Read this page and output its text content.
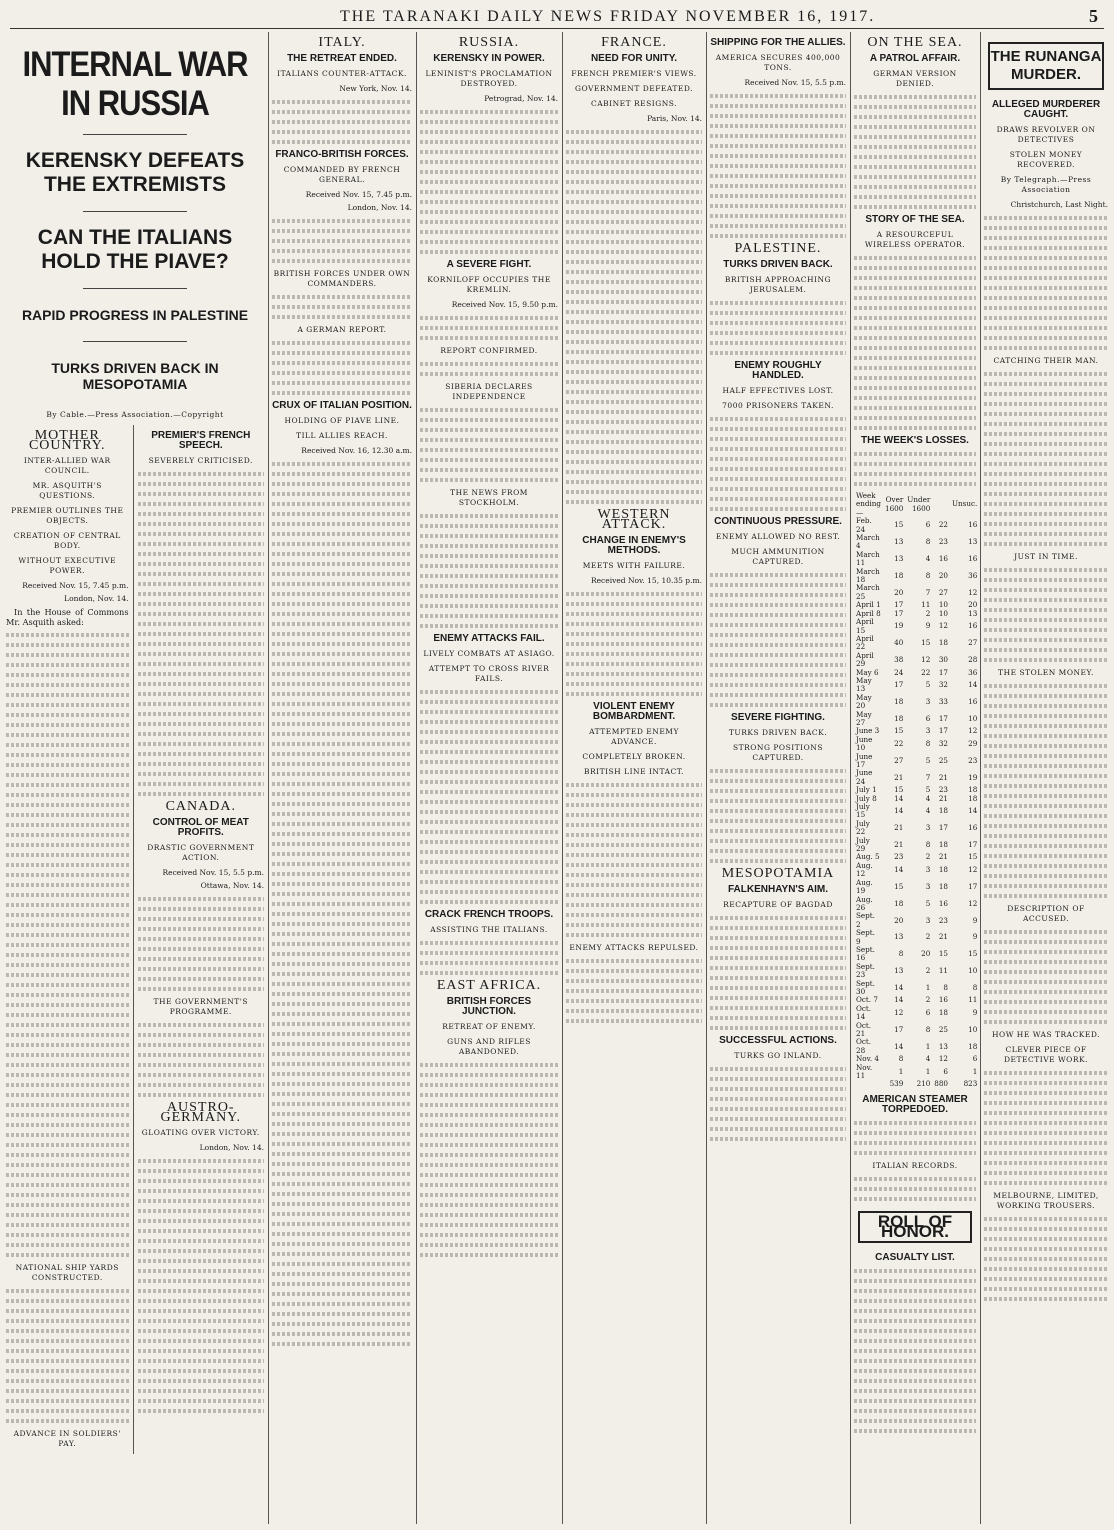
THE TARANAKI DAILY NEWS FRIDAY NOVEMBER 16, 1917.	5
INTERNAL WAR IN RUSSIA
KERENSKY DEFEATS THE EXTREMISTS
CAN THE ITALIANS HOLD THE PIAVE?
RAPID PROGRESS IN PALESTINE
TURKS DRIVEN BACK IN MESOPOTAMIA
By Cable.—Press Association.—Copyright
MOTHER COUNTRY.
INTER-ALLIED WAR COUNCIL.
MR. ASQUITH'S QUESTIONS.
PREMIER OUTLINES THE OBJECTS.
CREATION OF CENTRAL BODY.
WITHOUT EXECUTIVE POWER.
Received Nov. 15, 7.45 p.m.
London, Nov. 14.

In the House of Commons Mr. Asquith asked:

NATIONAL SHIP YARDS CONSTRUCTED.
ADVANCE IN SOLDIERS' PAY.
PREMIER'S FRENCH SPEECH.
SEVERELY CRITICISED.
CANADA.
CONTROL OF MEAT PROFITS.
DRASTIC GOVERNMENT ACTION.
Received Nov. 15, 5.5 p.m.
Ottawa, Nov. 14.
THE GOVERNMENT'S PROGRAMME.
AUSTRO-GERMANY.
GLOATING OVER VICTORY.
London, Nov. 14.
ITALY.
THE RETREAT ENDED.
ITALIANS COUNTER-ATTACK.
New York, Nov. 14.
FRANCO-BRITISH FORCES.
COMMANDED BY FRENCH GENERAL.
Received Nov. 15, 7.45 p.m.
London, Nov. 14.
BRITISH FORCES UNDER OWN COMMANDERS.
A GERMAN REPORT.
CRUX OF ITALIAN POSITION.
HOLDING OF PIAVE LINE.
TILL ALLIES REACH.
Received Nov. 16, 12.30 a.m.
RUSSIA.
KERENSKY IN POWER.
LENINIST'S PROCLAMATION DESTROYED.
Petrograd, Nov. 14.
A SEVERE FIGHT.
KORNILOFF OCCUPIES THE KREMLIN.
Received Nov. 15, 9.50 p.m.
REPORT CONFIRMED.
SIBERIA DECLARES INDEPENDENCE
THE NEWS FROM STOCKHOLM.
ENEMY ATTACKS FAIL.
LIVELY COMBATS AT ASIAGO.
ATTEMPT TO CROSS RIVER FAILS.
CRACK FRENCH TROOPS.
ASSISTING THE ITALIANS.
EAST AFRICA.
BRITISH FORCES JUNCTION.
RETREAT OF ENEMY.
GUNS AND RIFLES ABANDONED.
FRANCE.
NEED FOR UNITY.
FRENCH PREMIER'S VIEWS.
GOVERNMENT DEFEATED.
CABINET RESIGNS.
Paris, Nov. 14.
WESTERN ATTACK.
CHANGE IN ENEMY'S METHODS.
MEETS WITH FAILURE.
Received Nov. 15, 10.35 p.m.
VIOLENT ENEMY BOMBARDMENT.
ATTEMPTED ENEMY ADVANCE.
COMPLETELY BROKEN.
BRITISH LINE INTACT.
ENEMY ATTACKS REPULSED.
SHIPPING FOR THE ALLIES.
AMERICA SECURES 400,000 TONS.
Received Nov. 15, 5.5 p.m.
PALESTINE.
TURKS DRIVEN BACK.
BRITISH APPROACHING JERUSALEM.
ENEMY ROUGHLY HANDLED.
HALF EFFECTIVES LOST.
7000 PRISONERS TAKEN.
CONTINUOUS PRESSURE.
ENEMY ALLOWED NO REST.
MUCH AMMUNITION CAPTURED.
SEVERE FIGHTING.
TURKS DRIVEN BACK.
STRONG POSITIONS CAPTURED.
MESOPOTAMIA
FALKENHAYN'S AIM.
RECAPTURE OF BAGDAD
SUCCESSFUL ACTIONS.
TURKS GO INLAND.
ON THE SEA.
A PATROL AFFAIR.
GERMAN VERSION DENIED.
STORY OF THE SEA.
A RESOURCEFUL WIRELESS OPERATOR.
THE WEEK'S LOSSES.
Week ending—	Over 1600	Under 1600		Unsuc.
Feb. 24	15	6	22	16
March 4	13	8	23	13
March 11	13	4	16	16
March 18	18	8	20	36
March 25	20	7	27	12
April 1	17	11	10	20
April 8	17	2	10	13
April 15	19	9	12	16
April 22	40	15	18	27
April 29	38	12	30	28
May 6	24	22	17	36
May 13	17	5	32	14
May 20	18	3	33	16
May 27	18	6	17	10
June 3	15	3	17	12
June 10	22	8	32	29
June 17	27	5	25	23
June 24	21	7	21	19
July 1	15	5	23	18
July 8	14	4	21	18
July 15	14	4	18	14
July 22	21	3	17	16
July 29	21	8	18	17
Aug. 5	23	2	21	15
Aug. 12	14	3	18	12
Aug. 19	15	3	18	17
Aug. 26	18	5	16	12
Sept. 2	20	3	23	9
Sept. 9	13	2	21	9
Sept. 16	8	20	15	15
Sept. 23	13	2	11	10
Sept. 30	14	1	8	8
Oct. 7	14	2	16	11
Oct. 14	12	6	18	9
Oct. 21	17	8	25	10
Oct. 28	14	1	13	18
Nov. 4	8	4	12	6
Nov. 11	1	1	6	1
	539	210	880	823
AMERICAN STEAMER TORPEDOED.
ITALIAN RECORDS.
ROLL OF HONOR.
CASUALTY LIST.
THE RUNANGA MURDER.
ALLEGED MURDERER CAUGHT.
DRAWS REVOLVER ON DETECTIVES
STOLEN MONEY RECOVERED.
By Telegraph.—Press Association
Christchurch, Last Night.
CATCHING THEIR MAN.
JUST IN TIME.
THE STOLEN MONEY.
DESCRIPTION OF ACCUSED.
HOW HE WAS TRACKED.
CLEVER PIECE OF DETECTIVE WORK.
MELBOURNE, LIMITED, WORKING TROUSERS.
